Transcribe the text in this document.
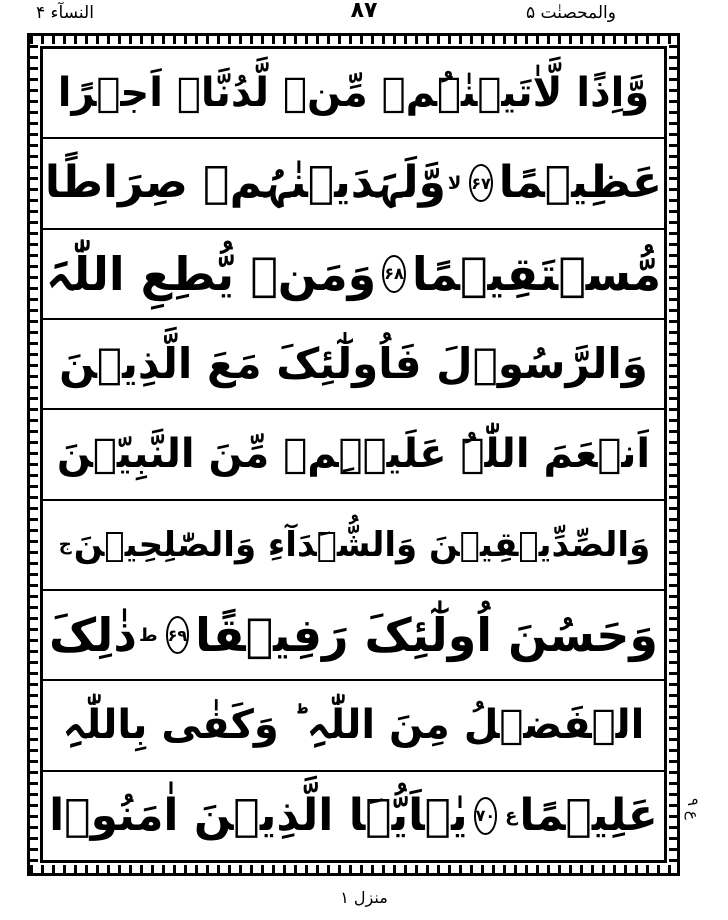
النسآء ۴	۸۷	والمحصنٰت ۵
وَّاِذًا لَّاٰتَیۡنٰہُمۡ مِّنۡ لَّدُنَّاۤ اَجۡرًا
عَظِیۡمًا
۶۷
لا
وَّلَہَدَیۡنٰہُمۡ صِرَاطًا
مُّسۡتَقِیۡمًا
۶۸
وَمَنۡ یُّطِعِ اللّٰہَ
وَالرَّسُوۡلَ فَاُولٰٓئِکَ مَعَ الَّذِیۡنَ
اَنۡعَمَ اللّٰہُ عَلَیۡہِمۡ مِّنَ النَّبِیّٖنَ
وَالصِّدِّیۡقِیۡنَ وَالشُّہَدَآءِ وَالصّٰلِحِیۡنَ
ج
وَحَسُنَ اُولٰٓئِکَ رَفِیۡقًا
۶۹
ط
ذٰلِکَ
الۡفَضۡلُ مِنَ اللّٰہِ ؕ وَکَفٰی بِاللّٰہِ
عَلِیۡمًا
ع
۷۰
یٰۤاَیُّہَا الَّذِیۡنَ اٰمَنُوۡا	ع ۹
منزل ۱
